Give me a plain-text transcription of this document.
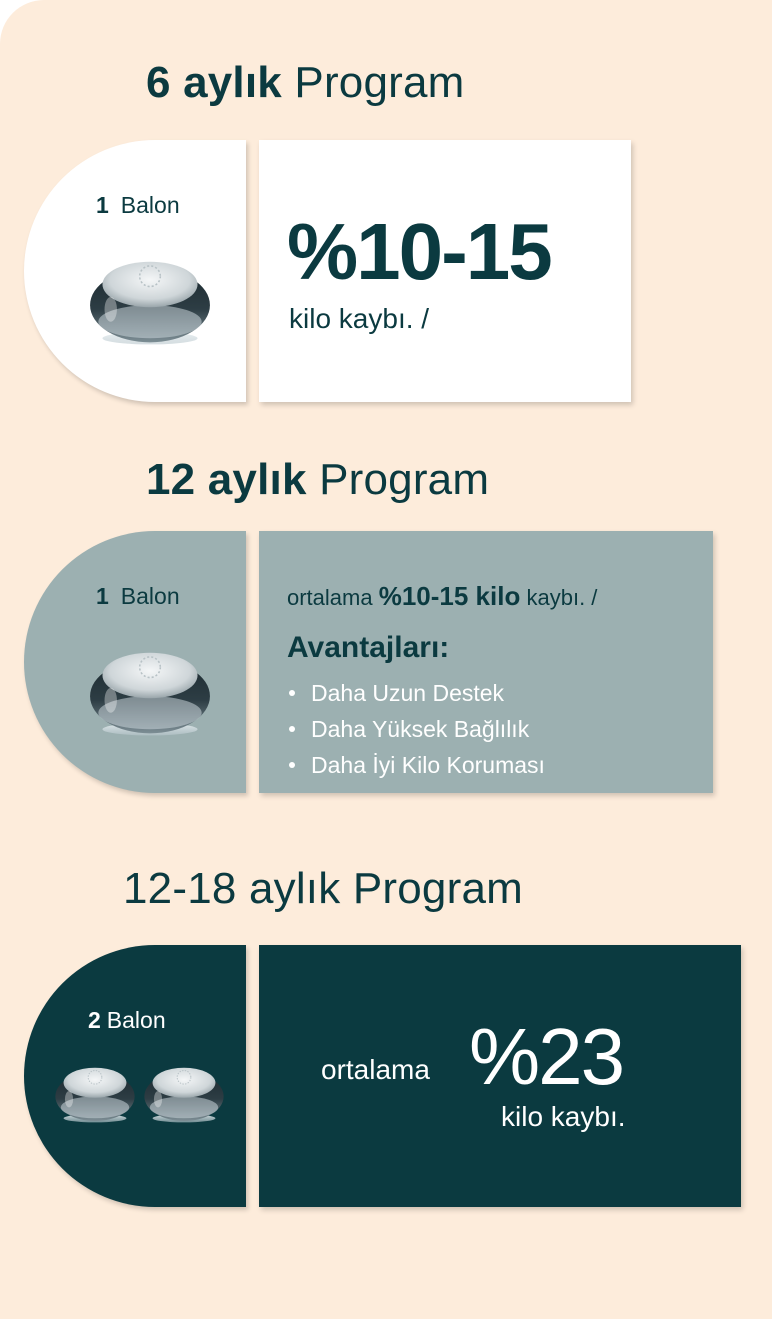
6 aylık Program
1 Balon
%10-15
kilo kaybı. /
12 aylık Program
1 Balon	ortalama %10-15 kilo kaybı. /
Avantajları:
Daha Uzun Destek
Daha Yüksek Bağlılık
Daha İyi Kilo Koruması
12-18 aylık Program
2 Balon
ortalama %23
kilo kaybı.
